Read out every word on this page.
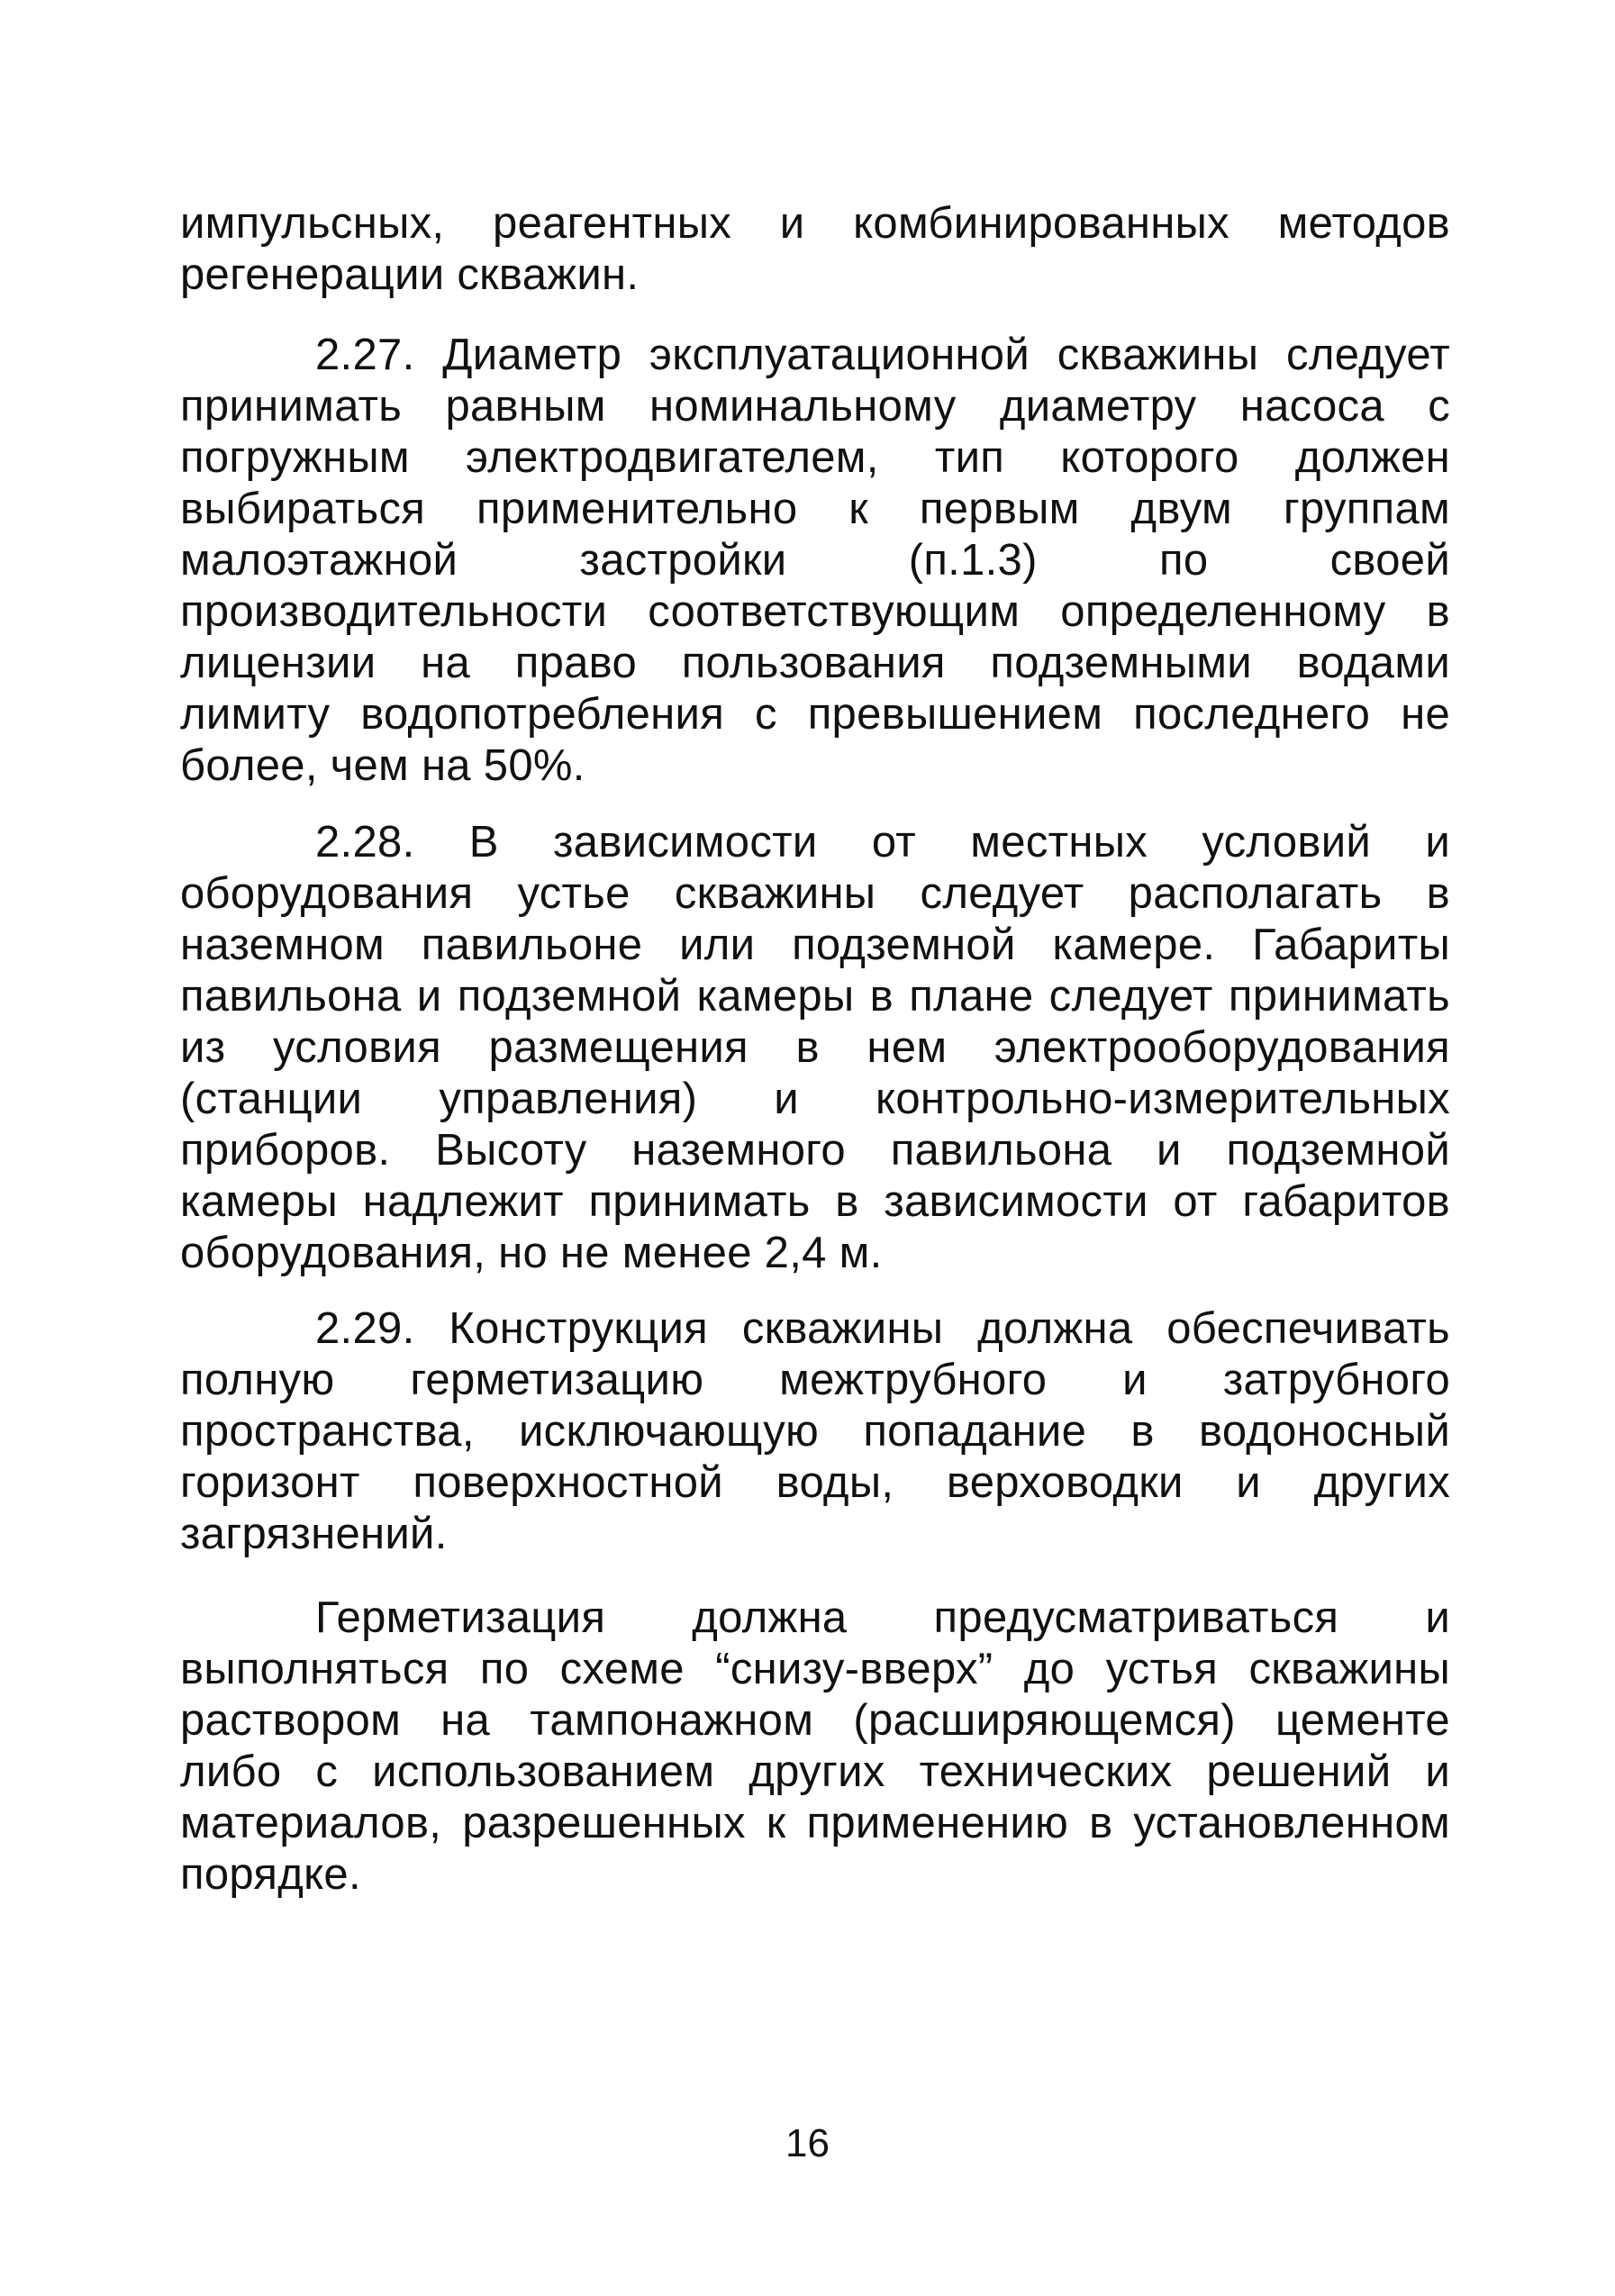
импульсных, реагентных и комбинированных методов регенерации скважин.

2.27. Диаметр эксплуатационной скважины следует принимать равным номинальному диаметру насоса с погружным электродвигателем, тип которого должен выбираться применительно к первым двум группам малоэтажной застройки (п.1.3) по своей производительности соответствующим определенному в лицензии на право пользования подземными водами лимиту водопотребления с превышением последнего не более, чем на 50%.

2.28. В зависимости от местных условий и оборудования устье скважины следует располагать в наземном павильоне или подземной камере. Габариты павильона и подземной камеры в плане следует принимать из условия размещения в нем электрооборудования (станции управления) и контрольно-измерительных приборов. Высоту наземного павильона и подземной камеры надлежит принимать в зависимости от габаритов оборудования, но не менее 2,4 м.

2.29. Конструкция скважины должна обеспечивать полную герметизацию межтрубного и затрубного пространства, исключающую попадание в водоносный горизонт поверхностной воды, верховодки и других загрязнений.

Герметизация должна предусматриваться и выполняться по схеме “снизу-вверх” до устья скважины раствором на тампонажном (расширяющемся) цементе либо с использованием других технических решений и материалов, разрешенных к применению в установленном порядке.

16
